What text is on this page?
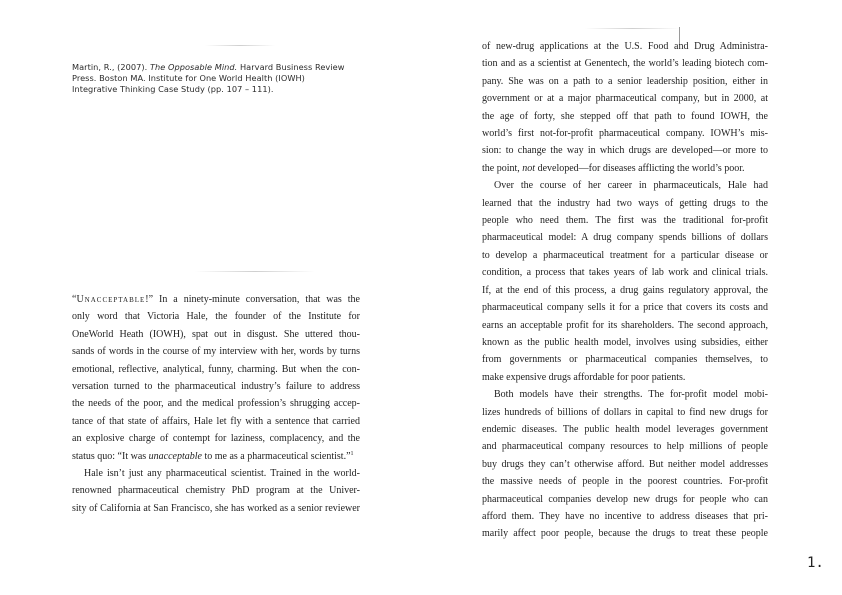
Martin, R., (2007). The Opposable Mind. Harvard Business Review
Press. Boston MA. Institute for One World Health (IOWH)
Integrative Thinking Case Study (pp. 107 – 111).

“Unacceptable!” In a ninety-minute conversation, that was the
only word that Victoria Hale, the founder of the Institute for
OneWorld Heath (IOWH), spat out in disgust. She uttered thou-
sands of words in the course of my interview with her, words by turns
emotional, reflective, analytical, funny, charming. But when the con-
versation turned to the pharmaceutical industry’s failure to address
the needs of the poor, and the medical profession’s shrugging accep-
tance of that state of affairs, Hale let fly with a sentence that carried
an explosive charge of contempt for laziness, complacency, and the
status quo: “It was unacceptable to me as a pharmaceutical scientist.”$^1$

Hale isn’t just any pharmaceutical scientist. Trained in the world-
renowned pharmaceutical chemistry PhD program at the Univer-
sity of California at San Francisco, she has worked as a senior reviewer

of new-drug applications at the U.S. Food and Drug Administra-
tion and as a scientist at Genentech, the world’s leading biotech com-
pany. She was on a path to a senior leadership position, either in
government or at a major pharmaceutical company, but in 2000, at
the age of forty, she stepped off that path to found IOWH, the
world’s first not-for-profit pharmaceutical company. IOWH’s mis-
sion: to change the way in which drugs are developed—or more to
the point, not developed—for diseases afflicting the world’s poor.

Over the course of her career in pharmaceuticals, Hale had
learned that the industry had two ways of getting drugs to the
people who need them. The first was the traditional for-profit
pharmaceutical model: A drug company spends billions of dollars
to develop a pharmaceutical treatment for a particular disease or
condition, a process that takes years of lab work and clinical trials.
If, at the end of this process, a drug gains regulatory approval, the
pharmaceutical company sells it for a price that covers its costs and
earns an acceptable profit for its shareholders. The second approach,
known as the public health model, involves using subsidies, either
from governments or pharmaceutical companies themselves, to
make expensive drugs affordable for poor patients.

Both models have their strengths. The for-profit model mobi-
lizes hundreds of billions of dollars in capital to find new drugs for
endemic diseases. The public health model leverages government
and pharmaceutical company resources to help millions of people
buy drugs they can’t otherwise afford. But neither model addresses
the massive needs of people in the poorest countries. For-profit
pharmaceutical companies develop new drugs for people who can
afford them. They have no incentive to address diseases that pri-
marily affect poor people, because the drugs to treat these people

1.
